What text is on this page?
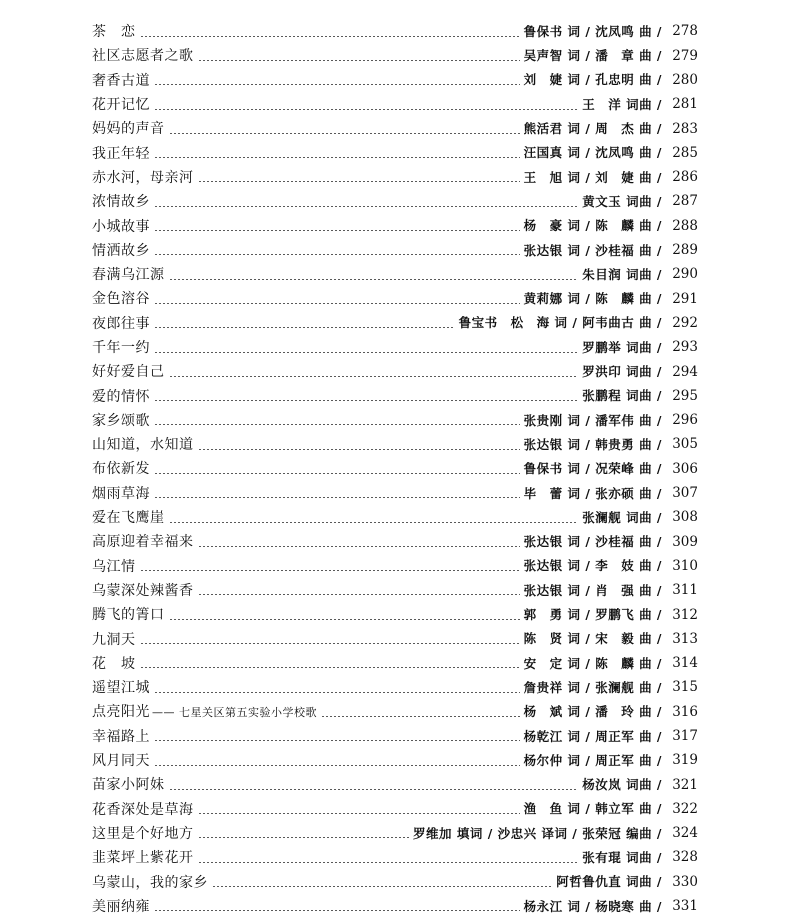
茶　恋	鲁保书 词 / 沈凤鸣 曲 / 278
社区志愿者之歌	吴声智 词 / 潘　章 曲 / 279
奢香古道	刘　婕 词 / 孔忠明 曲 / 280
花开记忆	王　洋 词曲 / 281
妈妈的声音	熊活君 词 / 周　杰 曲 / 283
我正年轻	汪国真 词 / 沈凤鸣 曲 / 285
赤水河，母亲河	王　旭 词 / 刘　婕 曲 / 286
浓情故乡	黄文玉 词曲 / 287
小城故事	杨　豪 词 / 陈　麟 曲 / 288
情洒故乡	张达银 词 / 沙桂福 曲 / 289
春满乌江源	朱目润 词曲 / 290
金色溶谷	黄莉娜 词 / 陈　麟 曲 / 291
夜郎往事	鲁宝书　松　海 词 / 阿韦曲古 曲 / 292
千年一约	罗鹏举 词曲 / 293
好好爱自己	罗洪印 词曲 / 294
爱的情怀	张鹏程 词曲 / 295
家乡颂歌	张贵刚 词 / 潘军伟 曲 / 296
山知道，水知道	张达银 词 / 韩贵勇 曲 / 305
布依新发	鲁保书 词 / 况荣峰 曲 / 306
烟雨草海	毕　蕾 词 / 张亦硕 曲 / 307
爱在飞鹰崖	张澜舰 词曲 / 308
高原迎着幸福来	张达银 词 / 沙桂福 曲 / 309
乌江情	张达银 词 / 李　妓 曲 / 310
乌蒙深处辣酱香	张达银 词 / 肖　强 曲 / 311
腾飞的箐口	郭　勇 词 / 罗鹏飞 曲 / 312
九洞天	陈　贤 词 / 宋　毅 曲 / 313
花　坡	安　定 词 / 陈　麟 曲 / 314
遥望江城	詹贵祥 词 / 张澜舰 曲 / 315
点亮阳光 —— 七星关区第五实验小学校歌	杨　斌 词 / 潘　玲 曲 / 316
幸福路上	杨乾江 词 / 周正军 曲 / 317
风月同天	杨尔仲 词 / 周正军 曲 / 319
苗家小阿妹	杨汝岚 词曲 / 321
花香深处是草海	渔　鱼 词 / 韩立军 曲 / 322
这里是个好地方	罗维加 填词 / 沙忠兴 译词 / 张荣冠 编曲 / 324
韭菜坪上紫花开	张有琨 词曲 / 328
乌蒙山，我的家乡	阿哲鲁仇直 词曲 / 330
美丽纳雍	杨永江 词 / 杨晓寒 曲 / 331
